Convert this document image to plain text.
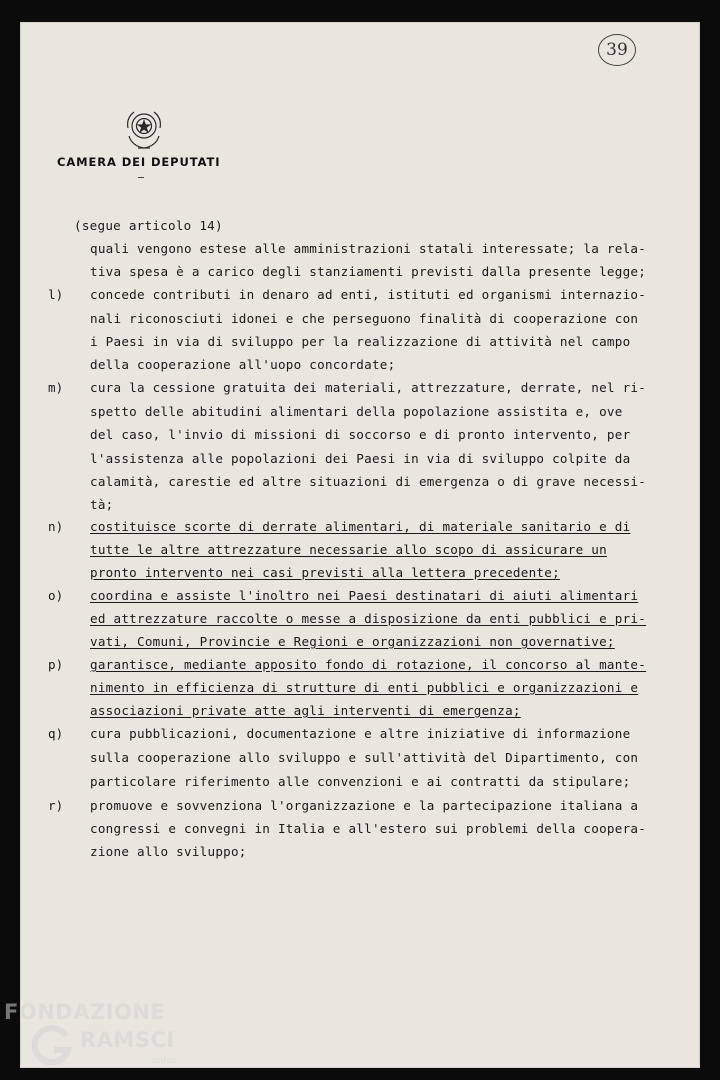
39
CAMERA DEI DEPUTATI
(segue articolo 14)
quali vengono estese alle amministrazioni statali interessate; la rela-
tiva spesa è a carico degli stanziamenti previsti dalla presente legge;
l) concede contributi in denaro ad enti, istituti ed organismi internazio-
nali riconosciuti idonei e che perseguono finalità di cooperazione con
i Paesi in via di sviluppo per la realizzazione di attività nel campo
della cooperazione all'uopo concordate;
m) cura la cessione gratuita dei materiali, attrezzature, derrate, nel ri-
spetto delle abitudini alimentari della popolazione assistita e, ove
del caso, l'invio di missioni di soccorso e di pronto intervento, per
l'assistenza alle popolazioni dei Paesi in via di sviluppo colpite da
calamità, carestie ed altre situazioni di emergenza o di grave necessi-
tà;
n) costituisce scorte di derrate alimentari, di materiale sanitario e di
tutte le altre attrezzature necessarie allo scopo di assicurare un
pronto intervento nei casi previsti alla lettera precedente;
o) coordina e assiste l'inoltro nei Paesi destinatari di aiuti alimentari
ed attrezzature raccolte o messe a disposizione da enti pubblici e pri-
vati, Comuni, Provincie e Regioni e organizzazioni non governative;
p) garantisce, mediante apposito fondo di rotazione, il concorso al mante-
nimento in efficienza di strutture di enti pubblici e organizzazioni e
associazioni private atte agli interventi di emergenza;
q) cura pubblicazioni, documentazione e altre iniziative di informazione
sulla cooperazione allo sviluppo e sull'attività del Dipartimento, con
particolare riferimento alle convenzioni e ai contratti da stipulare;
r) promuove e sovvenziona l'organizzazione e la partecipazione italiana a
congressi e convegni in Italia e all'estero sui problemi della coopera-
zione allo sviluppo;
FONDAZIONE
RAMSCI
onlus
